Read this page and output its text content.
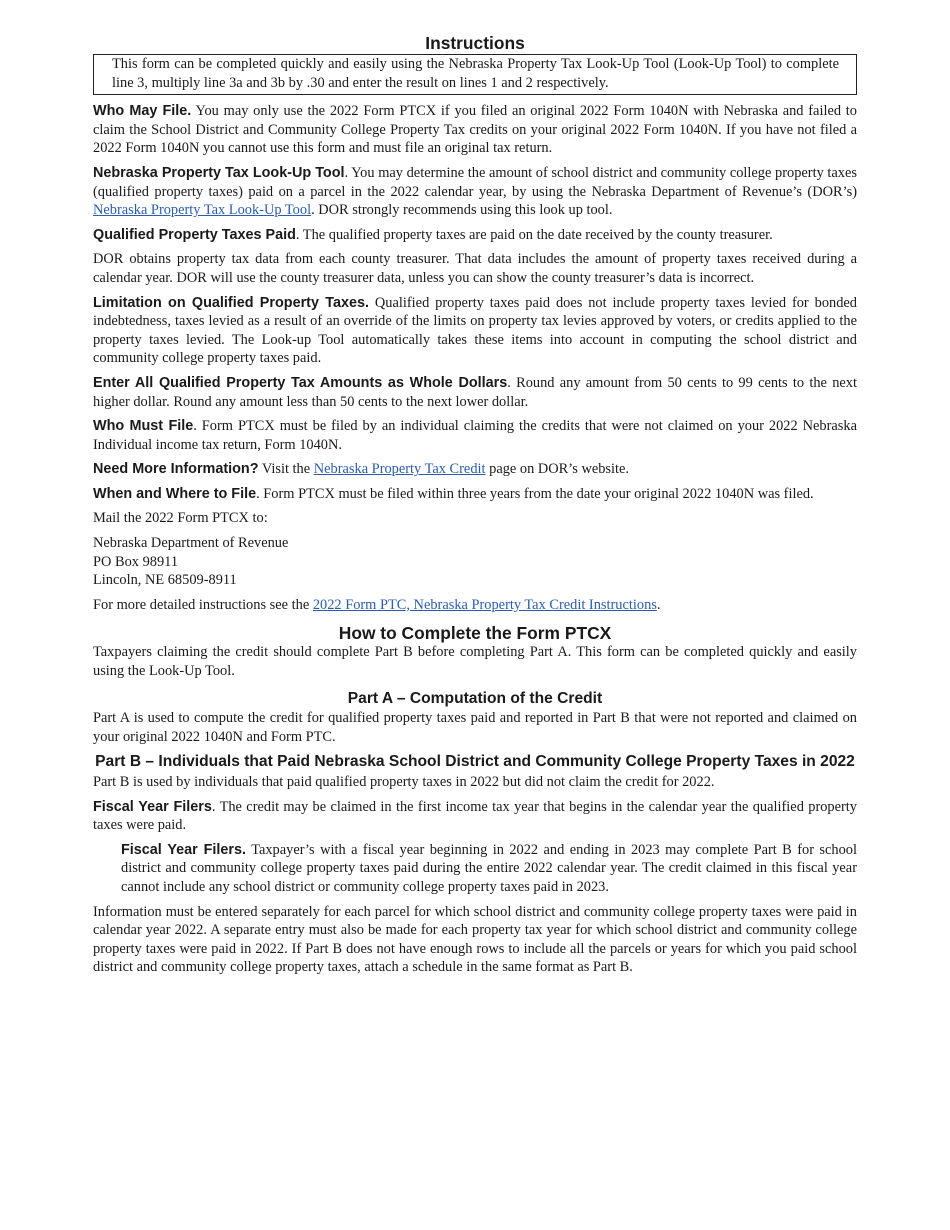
Instructions
This form can be completed quickly and easily using the Nebraska Property Tax Look-Up Tool (Look-Up Tool) to complete line 3, multiply line 3a and 3b by .30 and enter the result on lines 1 and 2 respectively.

Who May File. You may only use the 2022 Form PTCX if you filed an original 2022 Form 1040N with Nebraska and failed to claim the School District and Community College Property Tax credits on your original 2022 Form 1040N. If you have not filed a 2022 Form 1040N you cannot use this form and must file an original tax return.

Nebraska Property Tax Look-Up Tool. You may determine the amount of school district and community college property taxes (qualified property taxes) paid on a parcel in the 2022 calendar year, by using the Nebraska Department of Revenue’s (DOR’s) Nebraska Property Tax Look-Up Tool. DOR strongly recommends using this look up tool.

Qualified Property Taxes Paid. The qualified property taxes are paid on the date received by the county treasurer.

DOR obtains property tax data from each county treasurer. That data includes the amount of property taxes received during a calendar year. DOR will use the county treasurer data, unless you can show the county treasurer’s data is incorrect.

Limitation on Qualified Property Taxes. Qualified property taxes paid does not include property taxes levied for bonded indebtedness, taxes levied as a result of an override of the limits on property tax levies approved by voters, or credits applied to the property taxes levied. The Look-up Tool automatically takes these items into account in computing the school district and community college property taxes paid.

Enter All Qualified Property Tax Amounts as Whole Dollars. Round any amount from 50 cents to 99 cents to the next higher dollar. Round any amount less than 50 cents to the next lower dollar.

Who Must File. Form PTCX must be filed by an individual claiming the credits that were not claimed on your 2022 Nebraska Individual income tax return, Form 1040N.

Need More Information? Visit the Nebraska Property Tax Credit page on DOR’s website.

When and Where to File. Form PTCX must be filed within three years from the date your original 2022 1040N was filed.

Mail the 2022 Form PTCX to:

Nebraska Department of Revenue
PO Box 98911
Lincoln, NE 68509-8911

For more detailed instructions see the 2022 Form PTC, Nebraska Property Tax Credit Instructions.

How to Complete the Form PTCX

Taxpayers claiming the credit should complete Part B before completing Part A. This form can be completed quickly and easily using the Look-Up Tool.

Part A – Computation of the Credit

Part A is used to compute the credit for qualified property taxes paid and reported in Part B that were not reported and claimed on your original 2022 1040N and Form PTC.

Part B – Individuals that Paid Nebraska School District and Community College Property Taxes in 2022

Part B is used by individuals that paid qualified property taxes in 2022 but did not claim the credit for 2022.

Fiscal Year Filers. The credit may be claimed in the first income tax year that begins in the calendar year the qualified property taxes were paid.

Fiscal Year Filers. Taxpayer’s with a fiscal year beginning in 2022 and ending in 2023 may complete Part B for school district and community college property taxes paid during the entire 2022 calendar year. The credit claimed in this fiscal year cannot include any school district or community college property taxes paid in 2023.

Information must be entered separately for each parcel for which school district and community college property taxes were paid in calendar year 2022. A separate entry must also be made for each property tax year for which school district and community college property taxes were paid in 2022. If Part B does not have enough rows to include all the parcels or years for which you paid school district and community college property taxes, attach a schedule in the same format as Part B.
